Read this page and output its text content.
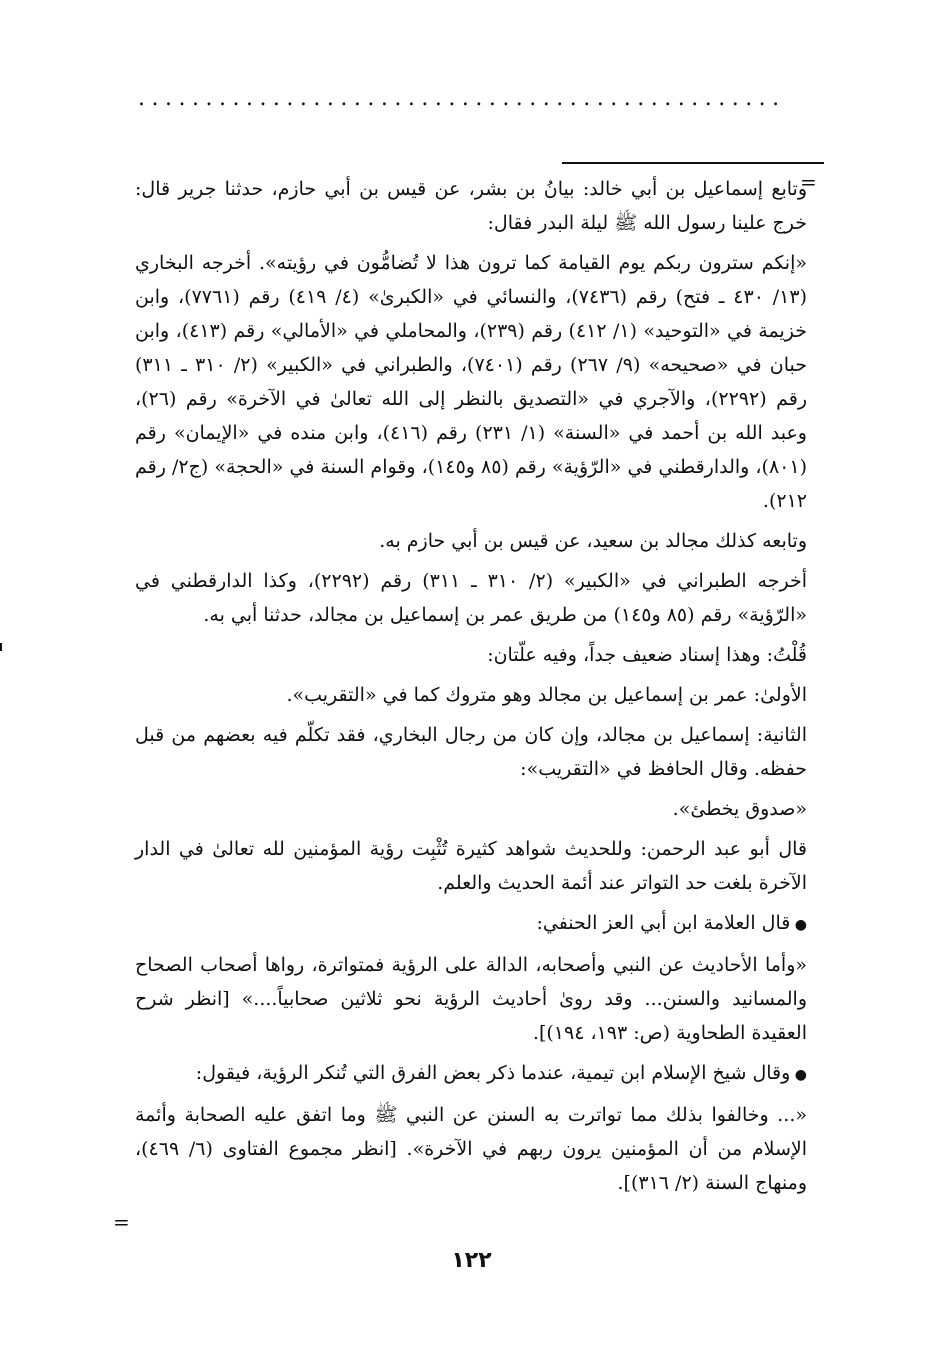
................................................
=

وتابع إسماعيل بن أبي خالد: بيانُ بن بشر، عن قيس بن أبي حازم، حدثنا جرير قال: خرج علينا رسول الله ﷺ ليلة البدر فقال:

«إنكم سترون ربكم يوم القيامة كما ترون هذا لا تُضامُّون في رؤيته». أخرجه البخاري (١٣/ ٤٣٠ ـ فتح) رقم (٧٤٣٦)، والنسائي في «الكبرىٰ» (٤/ ٤١٩) رقم (٧٧٦١)، وابن خزيمة في «التوحيد» (١/ ٤١٢) رقم (٢٣٩)، والمحاملي في «الأمالي» رقم (٤١٣)، وابن حبان في «صحيحه» (٩/ ٢٦٧) رقم (٧٤٠١)، والطبراني في «الكبير» (٢/ ٣١٠ ـ ٣١١) رقم (٢٢٩٢)، والآجري في «التصديق بالنظر إلى الله تعالىٰ في الآخرة» رقم (٢٦)، وعبد الله بن أحمد في «السنة» (١/ ٢٣١) رقم (٤١٦)، وابن منده في «الإيمان» رقم (٨٠١)، والدارقطني في «الرّؤية» رقم (٨٥ و١٤٥)، وقوام السنة في «الحجة» (ج٢/ رقم ٢١٢).

وتابعه كذلك مجالد بن سعيد، عن قيس بن أبي حازم به.

أخرجه الطبراني في «الكبير» (٢/ ٣١٠ ـ ٣١١) رقم (٢٢٩٢)، وكذا الدارقطني في «الرّؤية» رقم (٨٥ و١٤٥) من طريق عمر بن إسماعيل بن مجالد، حدثنا أبي به.

قُلْتُ: وهذا إسناد ضعيف جداً، وفيه علّتان:

الأولىٰ: عمر بن إسماعيل بن مجالد وهو متروك كما في «التقريب».

الثانية: إسماعيل بن مجالد، وإن كان من رجال البخاري، فقد تكلّم فيه بعضهم من قبل حفظه. وقال الحافظ في «التقريب»:

«صدوق يخطئ».

قال أبو عبد الرحمن: وللحديث شواهد كثيرة تُثْبِت رؤية المؤمنين لله تعالىٰ في الدار الآخرة بلغت حد التواتر عند أئمة الحديث والعلم.

● قال العلامة ابن أبي العز الحنفي:

«وأما الأحاديث عن النبي وأصحابه، الدالة على الرؤية فمتواترة، رواها أصحاب الصحاح والمسانيد والسنن... وقد روىٰ أحاديث الرؤية نحو ثلاثين صحابياً....» [انظر شرح العقيدة الطحاوية (ص: ١٩٣، ١٩٤)].

● وقال شيخ الإسلام ابن تيمية، عندما ذكر بعض الفرق التي تُنكر الرؤية، فيقول:

«... وخالفوا بذلك مما تواترت به السنن عن النبي ﷺ وما اتفق عليه الصحابة وأئمة الإسلام من أن المؤمنين يرون ربهم في الآخرة». [انظر مجموع الفتاوى (٦/ ٤٦٩)، ومنهاج السنة (٢/ ٣١٦)].

=
١٢٢
